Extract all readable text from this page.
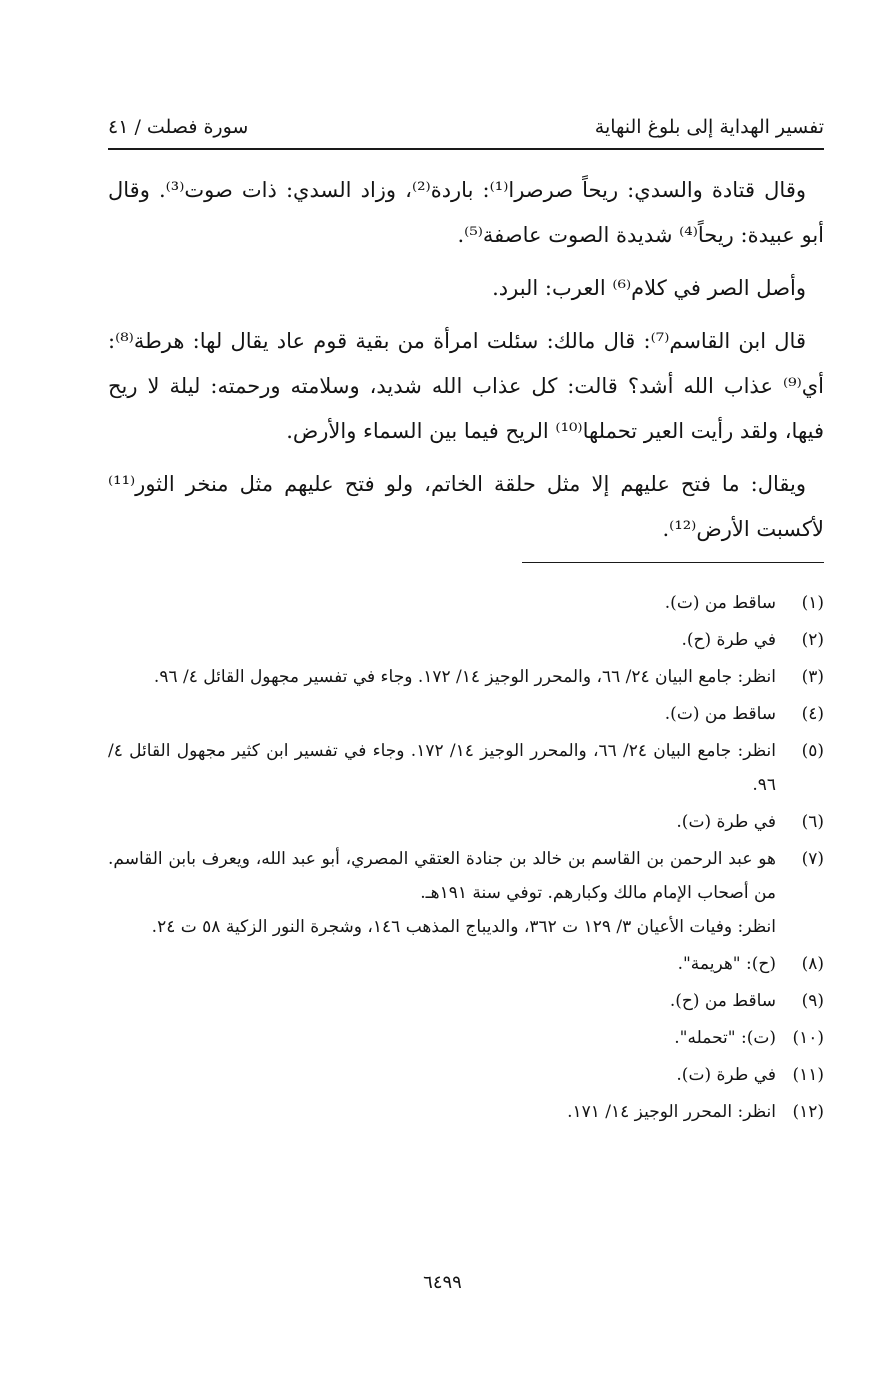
تفسير الهداية إلى بلوغ النهاية
سورة فصلت / ٤١

وقال قتادة والسدي: ريحاً صرصرا⁽¹⁾: باردة⁽²⁾، وزاد السدي: ذات صوت⁽³⁾. وقال أبو عبيدة: ريحاً⁽⁴⁾ شديدة الصوت عاصفة⁽⁵⁾.

وأصل الصر في كلام⁽⁶⁾ العرب: البرد.

قال ابن القاسم⁽⁷⁾: قال مالك: سئلت امرأة من بقية قوم عاد يقال لها: هرطة⁽⁸⁾: أي⁽⁹⁾ عذاب الله أشد؟ قالت: كل عذاب الله شديد، وسلامته ورحمته: ليلة لا ريح فيها، ولقد رأيت العير تحملها⁽¹⁰⁾ الريح فيما بين السماء والأرض.

ويقال: ما فتح عليهم إلا مثل حلقة الخاتم، ولو فتح عليهم مثل منخر الثور⁽¹¹⁾ لأكسبت الأرض⁽¹²⁾.

(١)
ساقط من (ت).
(٢)
في طرة (ح).
(٣)
انظر: جامع البيان ٢٤/ ٦٦، والمحرر الوجيز ١٤/ ١٧٢. وجاء في تفسير مجهول القائل ٤/ ٩٦.
(٤)
ساقط من (ت).
(٥)
انظر: جامع البيان ٢٤/ ٦٦، والمحرر الوجيز ١٤/ ١٧٢. وجاء في تفسير ابن كثير مجهول القائل ٤/ ٩٦.
(٦)
في طرة (ت).
(٧)
هو عبد الرحمن بن القاسم بن خالد بن جنادة العتقي المصري، أبو عبد الله، ويعرف بابن القاسم. من أصحاب الإمام مالك وكبارهم. توفي سنة ١٩١هـ.
انظر: وفيات الأعيان ٣/ ١٢٩ ت ٣٦٢، والديباج المذهب ١٤٦، وشجرة النور الزكية ٥٨ ت ٢٤.
(٨)
(ح): "هريمة".
(٩)
ساقط من (ح).
(١٠)
(ت): "تحمله".
(١١)
في طرة (ت).
(١٢)
انظر: المحرر الوجيز ١٤/ ١٧١.
٦٤٩٩
